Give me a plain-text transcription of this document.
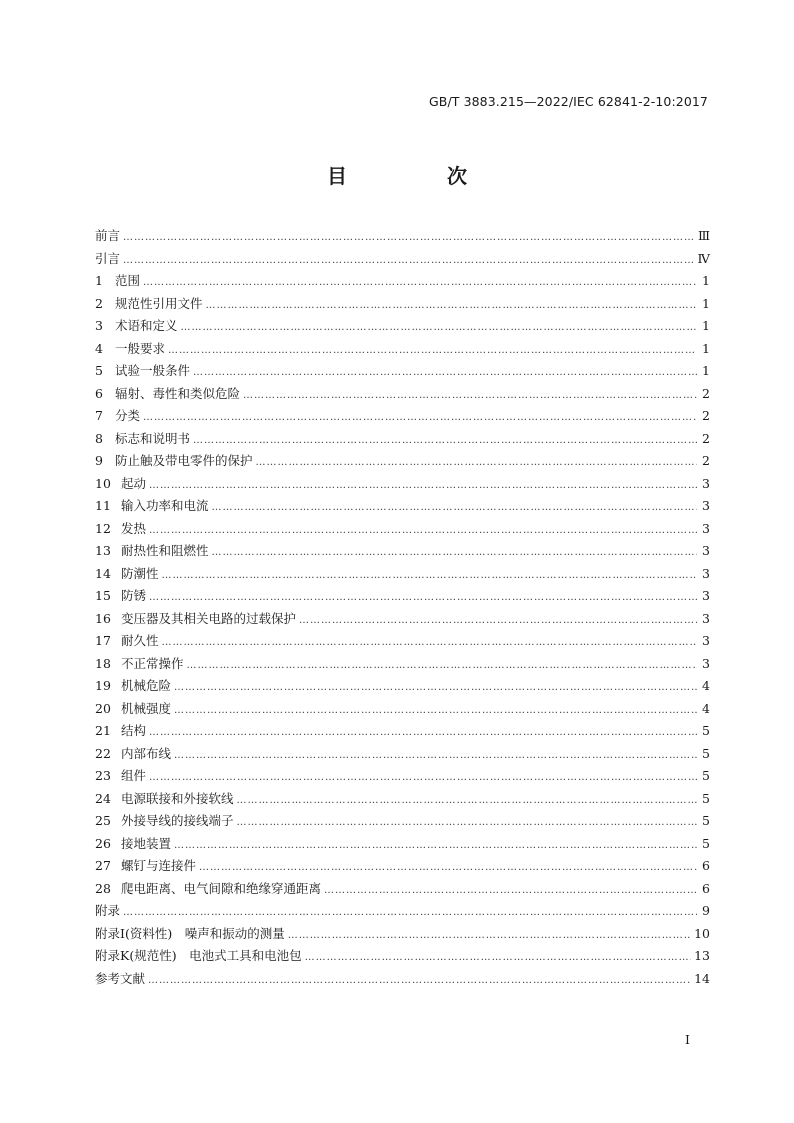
GB/T 3883.215—2022/IEC 62841-2-10:2017
目　次
前言 ……………………………………………………………………………………………………………………………………………………………………………………………………………	Ⅲ
引言 ……………………………………………………………………………………………………………………………………………………………………………………………………………	Ⅳ
1 范围 ……………………………………………………………………………………………………………………………………………………………………………………………………………	1
2 规范性引用文件 ……………………………………………………………………………………………………………………………………………………………………………………………………………	1
3 术语和定义 ……………………………………………………………………………………………………………………………………………………………………………………………………………	1
4 一般要求 ……………………………………………………………………………………………………………………………………………………………………………………………………………	1
5 试验一般条件 ……………………………………………………………………………………………………………………………………………………………………………………………………………	1
6 辐射、毒性和类似危险 ……………………………………………………………………………………………………………………………………………………………………………………………………………	2
7 分类 ……………………………………………………………………………………………………………………………………………………………………………………………………………	2
8 标志和说明书 ……………………………………………………………………………………………………………………………………………………………………………………………………………	2
9 防止触及带电零件的保护 ……………………………………………………………………………………………………………………………………………………………………………………………………………	2
10 起动 ……………………………………………………………………………………………………………………………………………………………………………………………………………	3
11 输入功率和电流 ……………………………………………………………………………………………………………………………………………………………………………………………………………	3
12 发热 ……………………………………………………………………………………………………………………………………………………………………………………………………………	3
13 耐热性和阻燃性 ……………………………………………………………………………………………………………………………………………………………………………………………………………	3
14 防潮性 ……………………………………………………………………………………………………………………………………………………………………………………………………………	3
15 防锈 ……………………………………………………………………………………………………………………………………………………………………………………………………………	3
16 变压器及其相关电路的过载保护 ……………………………………………………………………………………………………………………………………………………………………………………………………………	3
17 耐久性 ……………………………………………………………………………………………………………………………………………………………………………………………………………	3
18 不正常操作 ……………………………………………………………………………………………………………………………………………………………………………………………………………	3
19 机械危险 ……………………………………………………………………………………………………………………………………………………………………………………………………………	4
20 机械强度 ……………………………………………………………………………………………………………………………………………………………………………………………………………	4
21 结构 ……………………………………………………………………………………………………………………………………………………………………………………………………………	5
22 内部布线 ……………………………………………………………………………………………………………………………………………………………………………………………………………	5
23 组件 ……………………………………………………………………………………………………………………………………………………………………………………………………………	5
24 电源联接和外接软线 ……………………………………………………………………………………………………………………………………………………………………………………………………………	5
25 外接导线的接线端子 ……………………………………………………………………………………………………………………………………………………………………………………………………………	5
26 接地装置 ……………………………………………………………………………………………………………………………………………………………………………………………………………	5
27 螺钉与连接件 ……………………………………………………………………………………………………………………………………………………………………………………………………………	6
28 爬电距离、电气间隙和绝缘穿通距离 ……………………………………………………………………………………………………………………………………………………………………………………………………………	6
附录 ……………………………………………………………………………………………………………………………………………………………………………………………………………	9
附录Ⅰ(资料性)　噪声和振动的测量 ……………………………………………………………………………………………………………………………………………………………………………………………………………	10
附录K(规范性)　电池式工具和电池包 ……………………………………………………………………………………………………………………………………………………………………………………………………………	13
参考文献 ……………………………………………………………………………………………………………………………………………………………………………………………………………	14
Ⅰ
